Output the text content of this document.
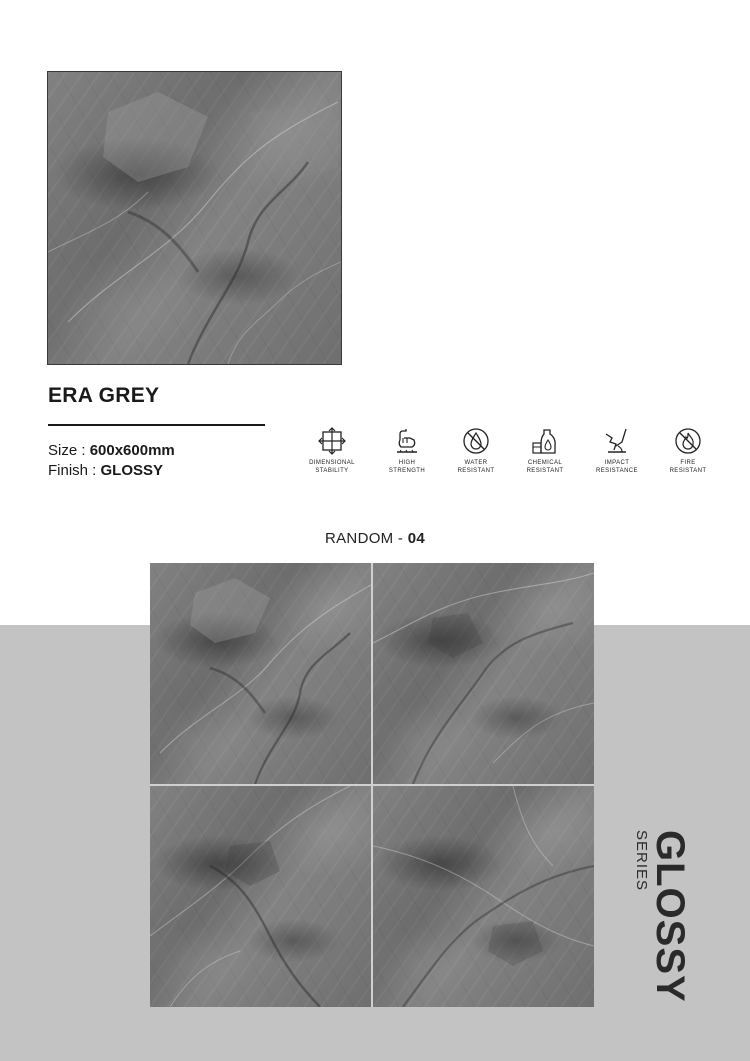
ERA GREY
Size : 600x600mm
Finish : GLOSSY	DIMENSIONAL
STABILITY
HIGH
STRENGTH
WATER
RESISTANT
CHEMICAL
RESISTANT
IMPACT
RESISTANCE
FIRE
RESISTANT
RANDOM - 04
GLOSSY
SERIES
